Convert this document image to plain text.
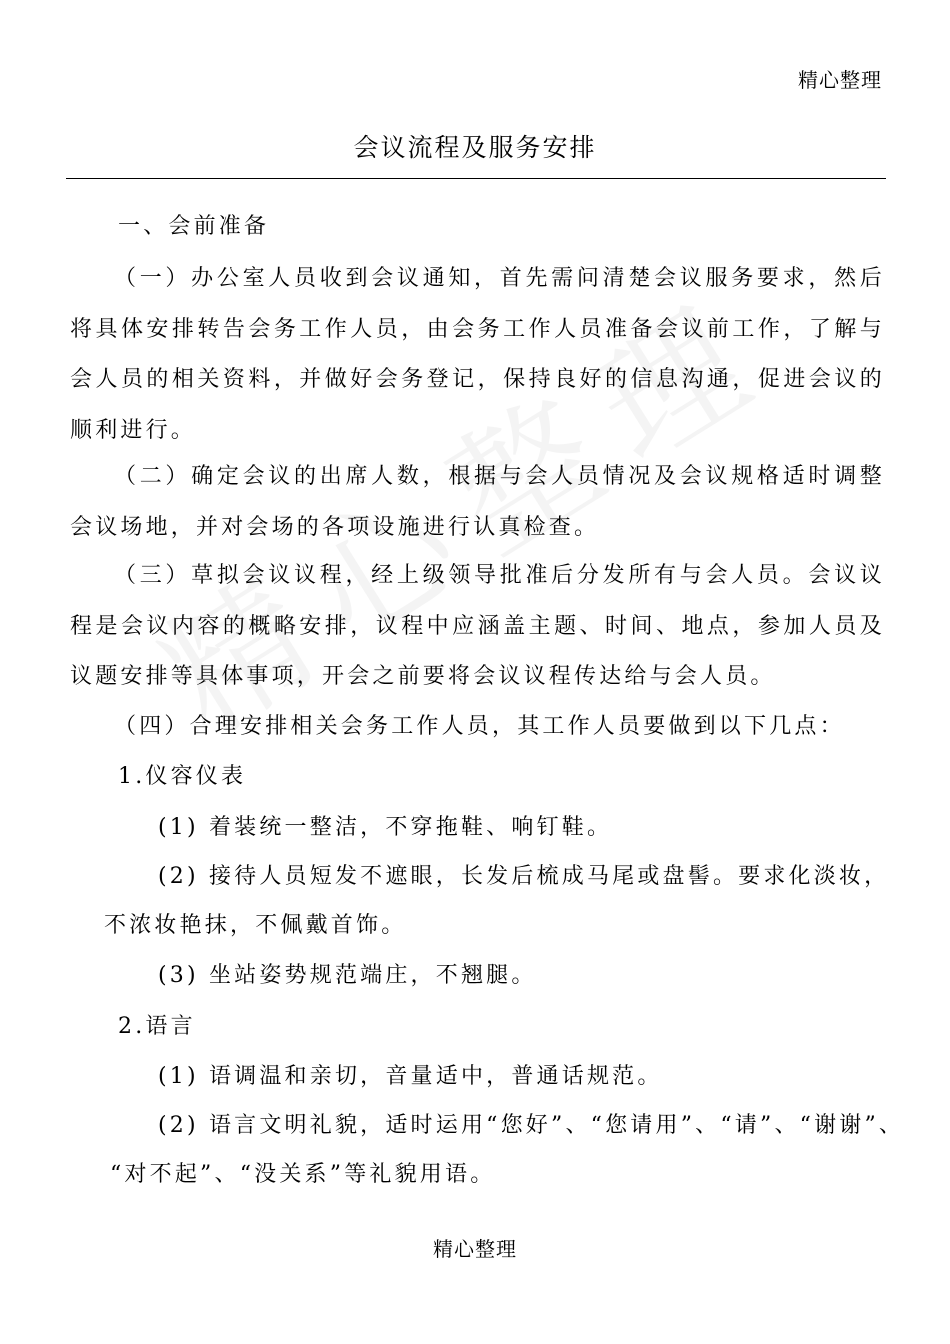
精心整理
会议流程及服务安排
一、会前准备
（一）办公室人员收到会议通知，首先需问清楚会议服务要求，然后将具体安排转告会务工作人员，由会务工作人员准备会议前工作，了解与会人员的相关资料，并做好会务登记，保持良好的信息沟通，促进会议的顺利进行。
（二）确定会议的出席人数，根据与会人员情况及会议规格适时调整会议场地，并对会场的各项设施进行认真检查。
（三）草拟会议议程，经上级领导批准后分发所有与会人员。会议议程是会议内容的概略安排，议程中应涵盖主题、时间、地点，参加人员及议题安排等具体事项，开会之前要将会议议程传达给与会人员。
（四）合理安排相关会务工作人员，其工作人员要做到以下几点：
1.仪容仪表
(1) 着装统一整洁，不穿拖鞋、响钉鞋。
(2) 接待人员短发不遮眼，长发后梳成马尾或盘髻。要求化淡妆，
不浓妆艳抹，不佩戴首饰。
(3) 坐站姿势规范端庄，不翘腿。
2.语言
(1) 语调温和亲切，音量适中，普通话规范。
(2) 语言文明礼貌，适时运用“您好”、“您请用”、“请”、“谢谢”、
“对不起”、“没关系”等礼貌用语。
精心整理
